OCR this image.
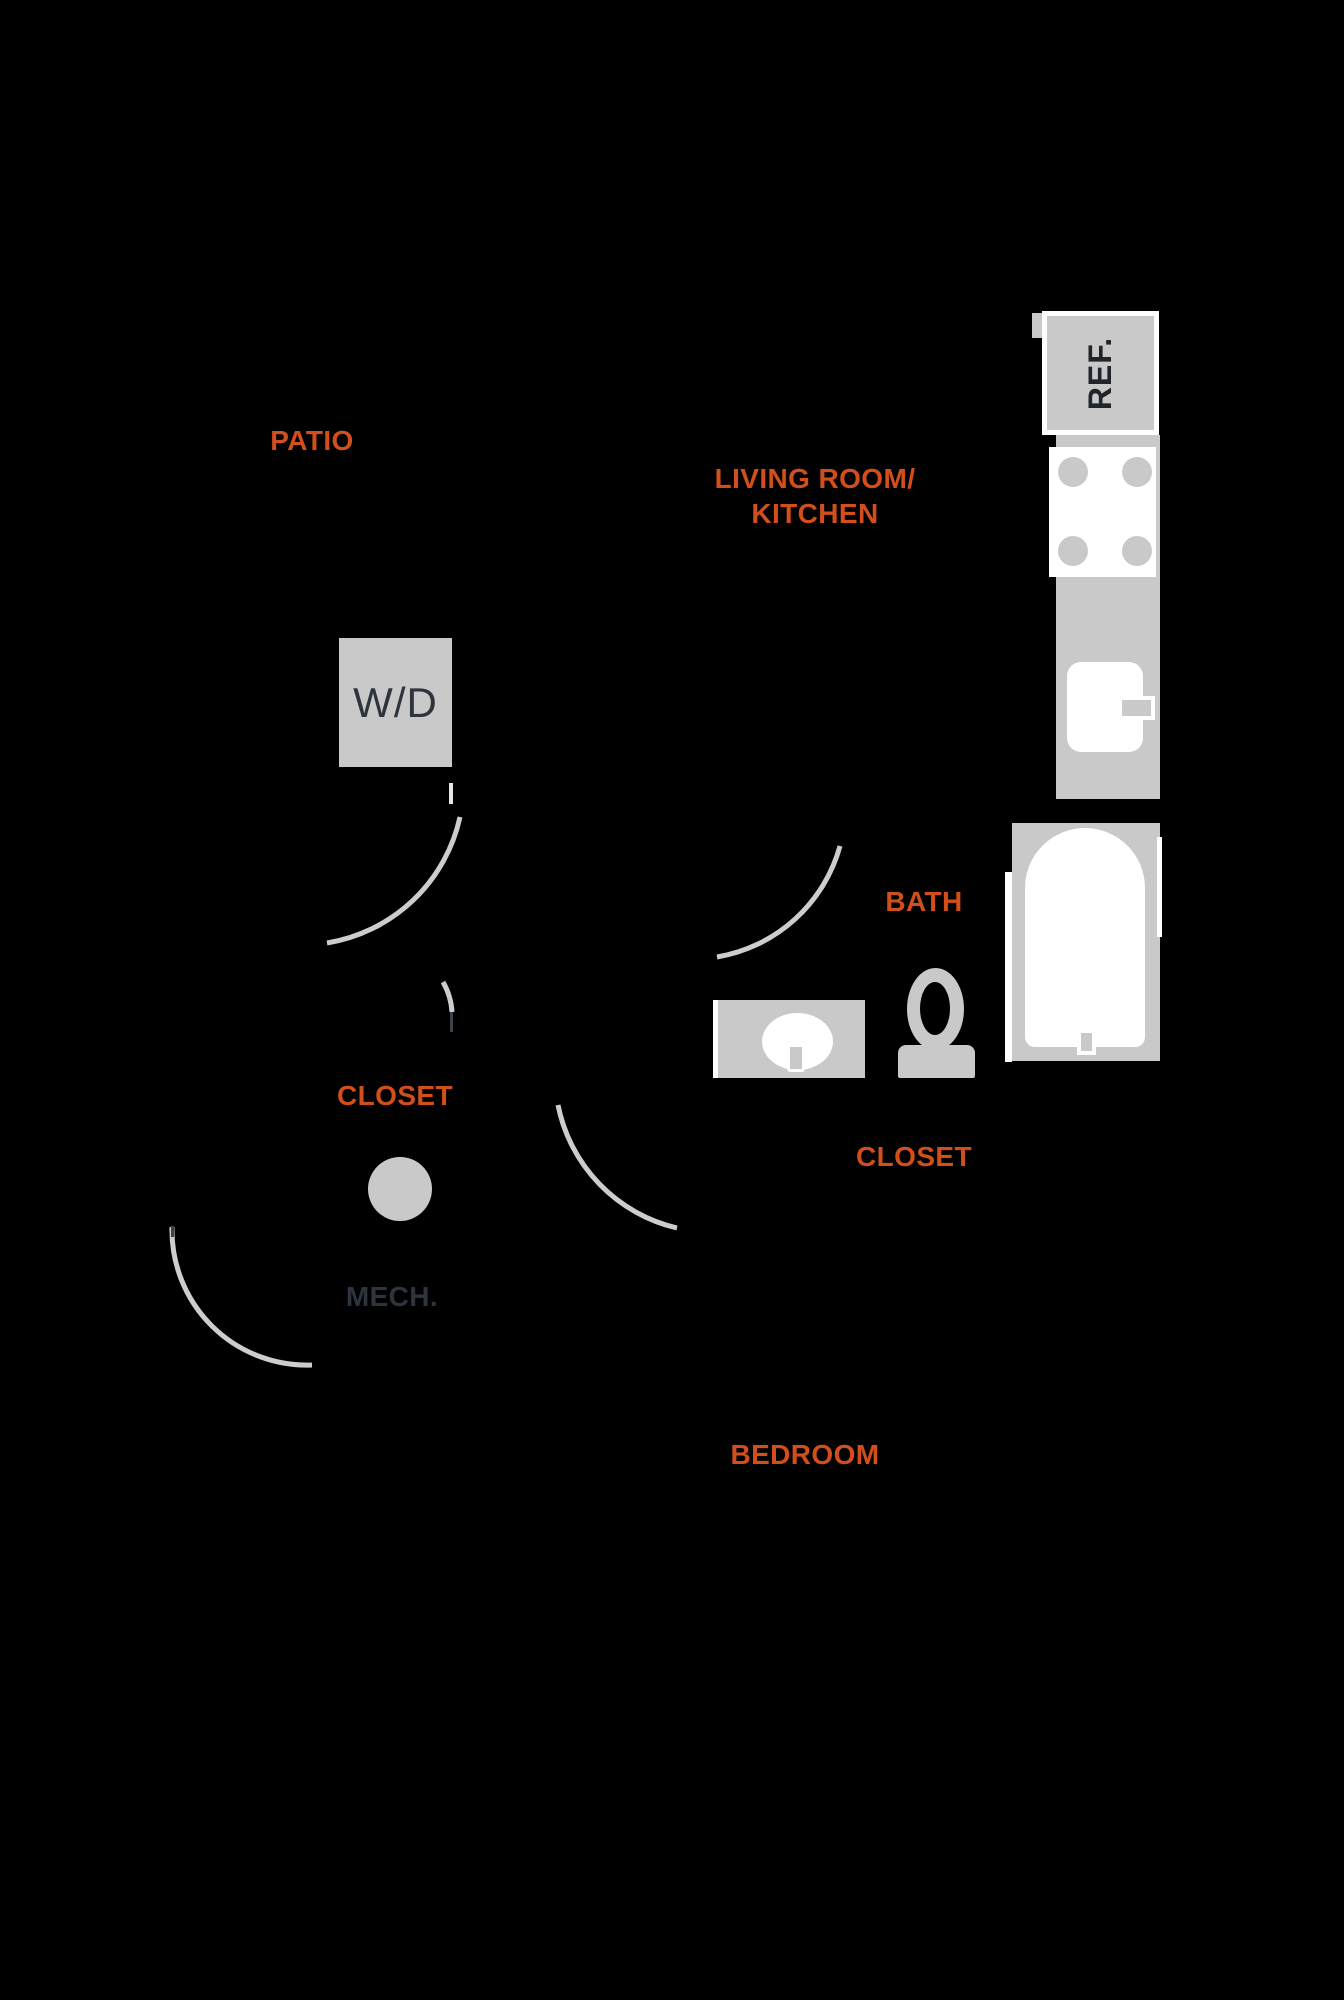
REF.
W/D
PATIO
LIVING ROOM/
KITCHEN
BATH
CLOSET
CLOSET
MECH.
BEDROOM
